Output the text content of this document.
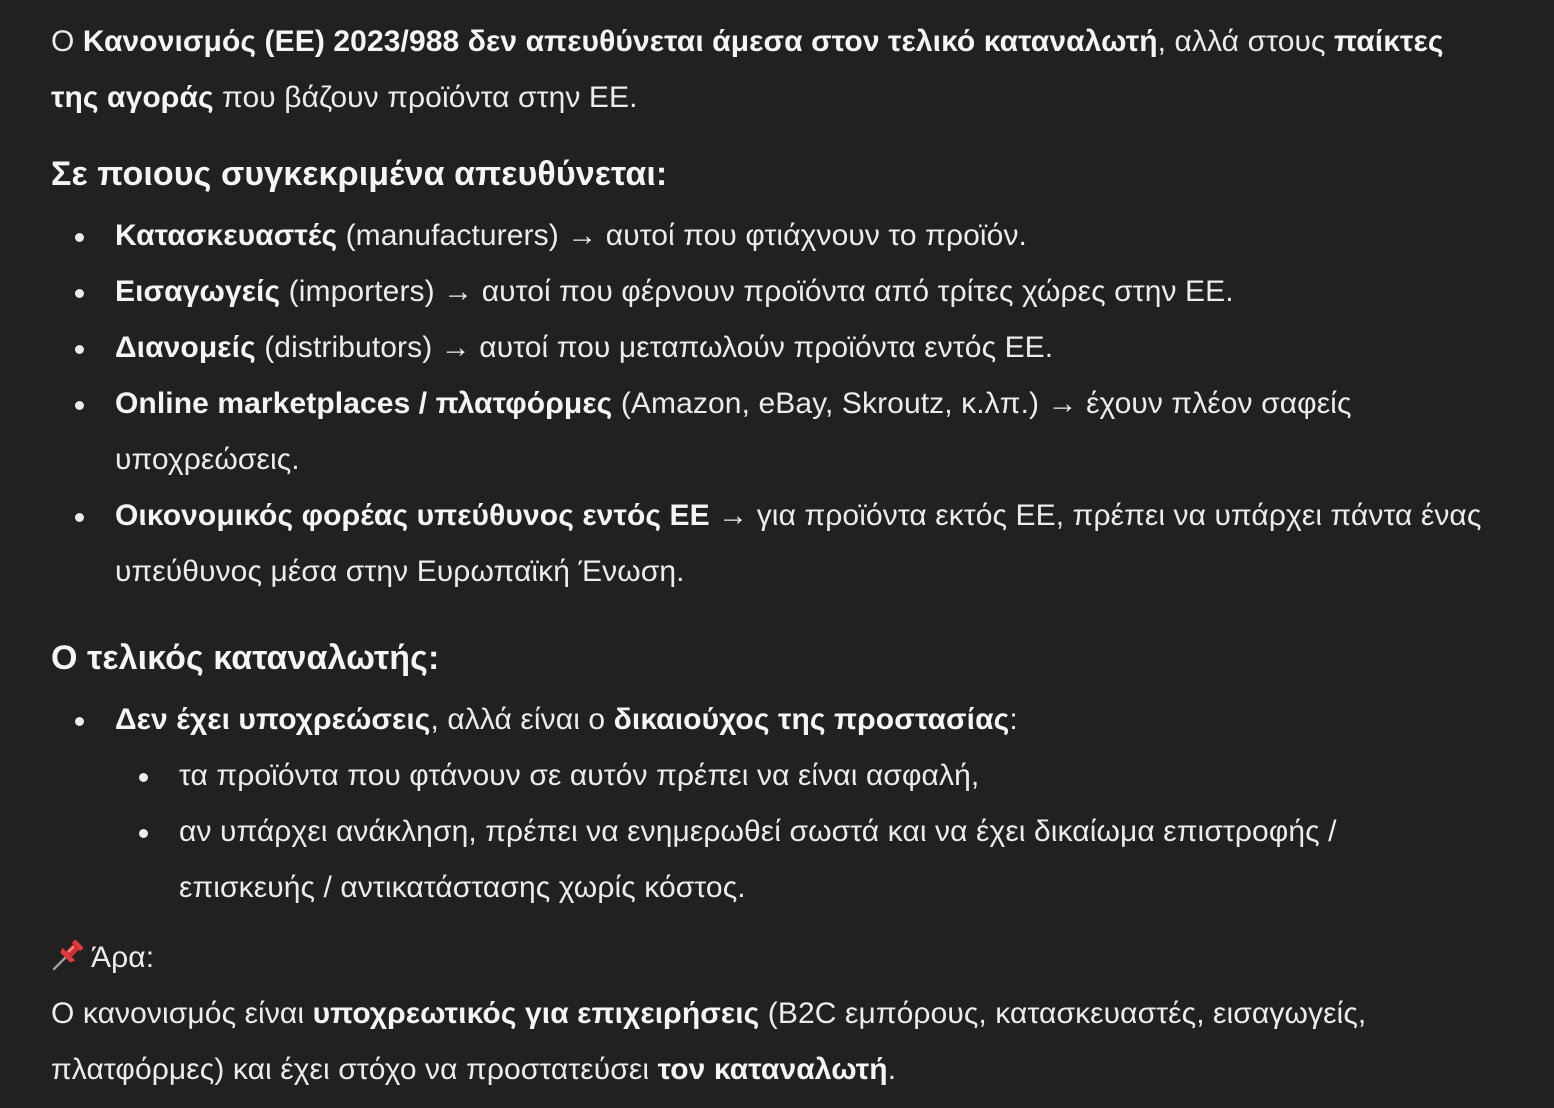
Ο Κανονισμός (ΕΕ) 2023/988 δεν απευθύνεται άμεσα στον τελικό καταναλωτή, αλλά στους παίκτες
της αγοράς που βάζουν προϊόντα στην ΕΕ.

Σε ποιους συγκεκριμένα απευθύνεται:
Κατασκευαστές (manufacturers) → αυτοί που φτιάχνουν το προϊόν.
Εισαγωγείς (importers) → αυτοί που φέρνουν προϊόντα από τρίτες χώρες στην ΕΕ.
Διανομείς (distributors) → αυτοί που μεταπωλούν προϊόντα εντός ΕΕ.
Online marketplaces / πλατφόρμες (Amazon, eBay, Skroutz, κ.λπ.) → έχουν πλέον σαφείς
υποχρεώσεις.
Οικονομικός φορέας υπεύθυνος εντός ΕΕ → για προϊόντα εκτός ΕΕ, πρέπει να υπάρχει πάντα ένας
υπεύθυνος μέσα στην Ευρωπαϊκή Ένωση.
Ο τελικός καταναλωτής:
Δεν έχει υποχρεώσεις, αλλά είναι ο δικαιούχος της προστασίας:
τα προϊόντα που φτάνουν σε αυτόν πρέπει να είναι ασφαλή,
αν υπάρχει ανάκληση, πρέπει να ενημερωθεί σωστά και να έχει δικαίωμα επιστροφής /
επισκευής / αντικατάστασης χωρίς κόστος.

Άρα:

Ο κανονισμός είναι υποχρεωτικός για επιχειρήσεις (B2C εμπόρους, κατασκευαστές, εισαγωγείς,
πλατφόρμες) και έχει στόχο να προστατεύσει τον καταναλωτή.
